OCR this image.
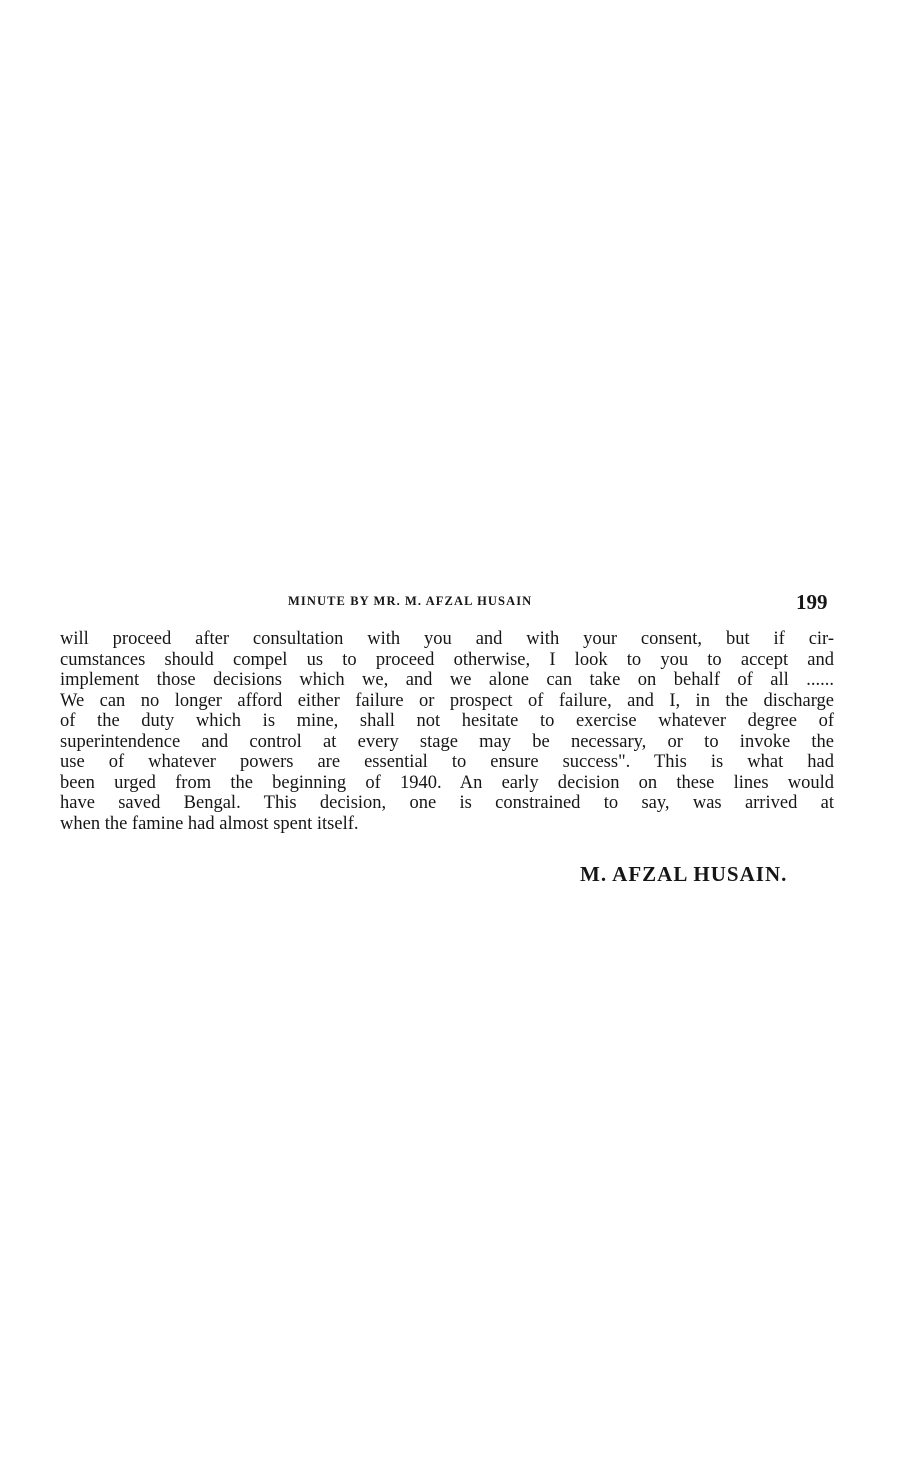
MINUTE BY MR. M. AFZAL HUSAIN	199
will proceed after consultation with you and with your consent, but if cir-
cumstances should compel us to proceed otherwise, I look to you to accept and
implement those decisions which we, and we alone can take on behalf of all ......
We can no longer afford either failure or prospect of failure, and I, in the discharge
of the duty which is mine, shall not hesitate to exercise whatever degree of
superintendence and control at every stage may be necessary, or to invoke the
use of whatever powers are essential to ensure success". This is what had
been urged from the beginning of 1940. An early decision on these lines would
have saved Bengal. This decision, one is constrained to say, was arrived at
when the famine had almost spent itself.
M. AFZAL HUSAIN.
